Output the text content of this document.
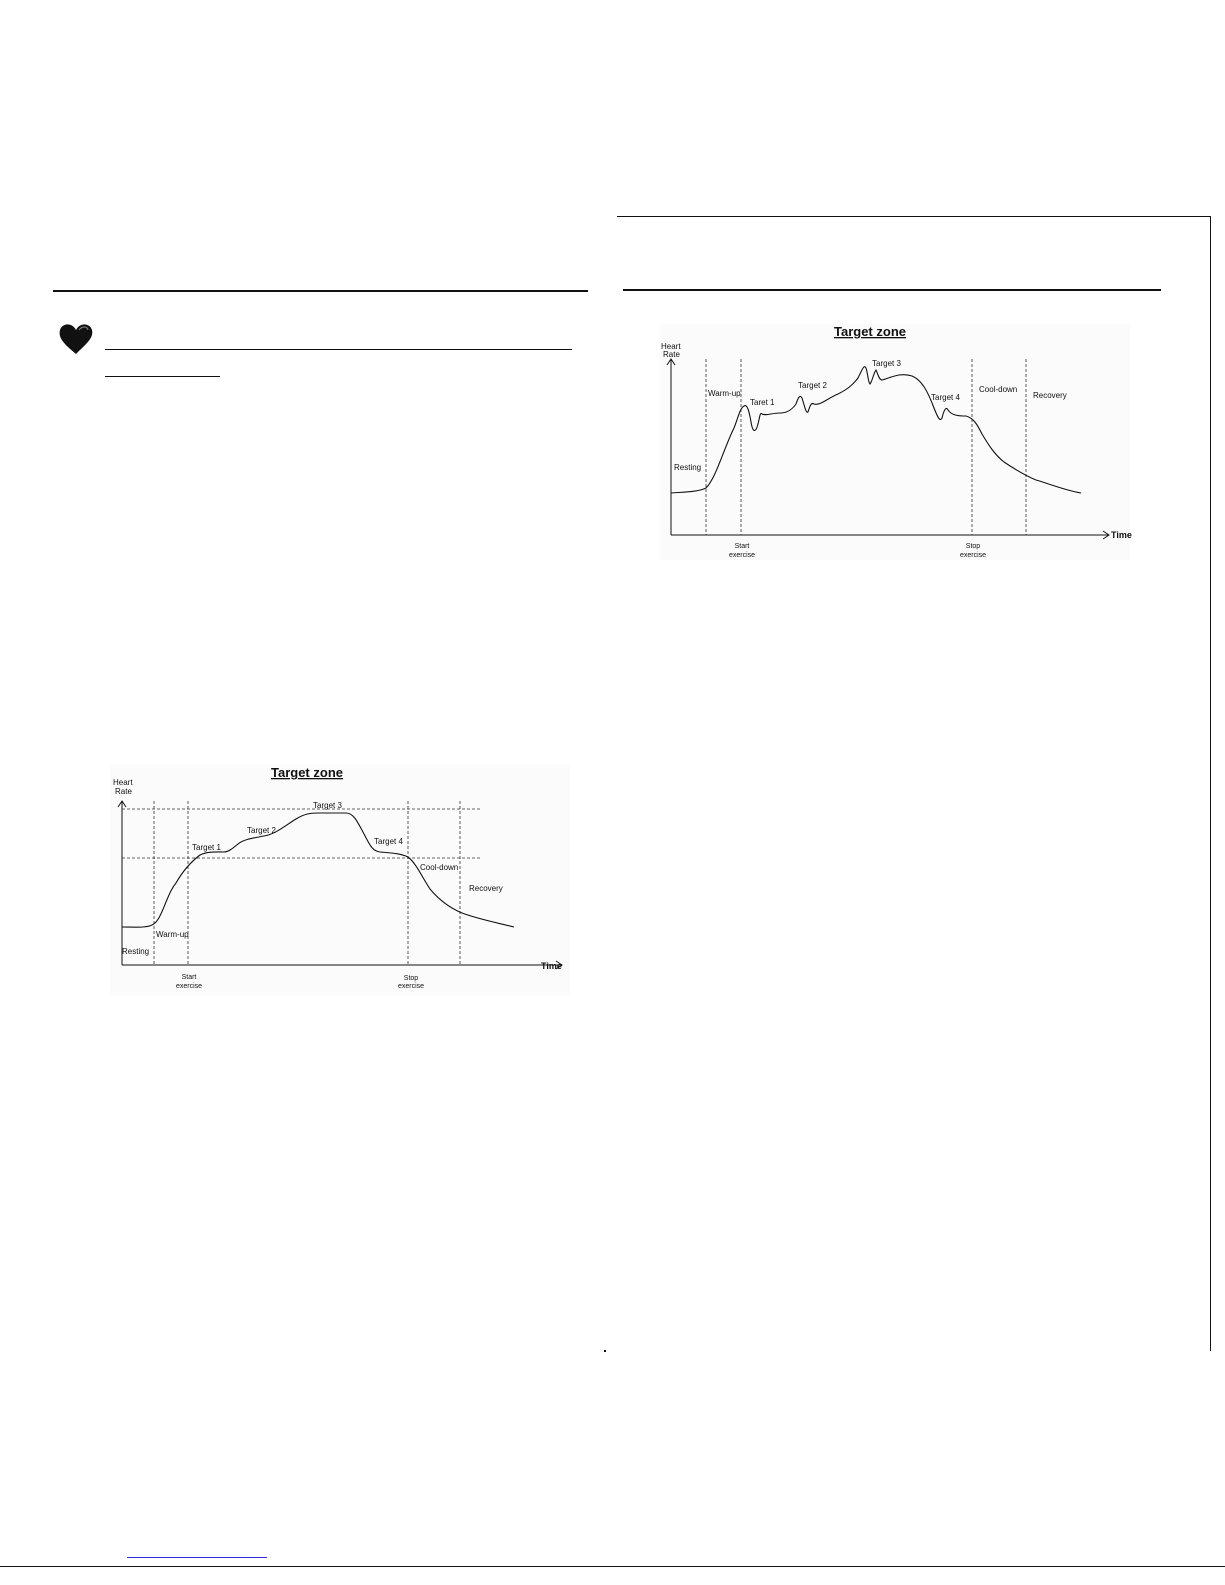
Target zone
Heart
Rate
Time
Start
exercise
Stop
exercise
Resting
Warm-up
Target 1
Target 2
Target 3
Target 4
Cool-down
Recovery
Target zone
Heart
Rate
Time
Start
exercise
Stop
exercise
Resting
Warm-up
Taret 1
Target 2
Target 3
Target 4
Cool-down
Recovery
